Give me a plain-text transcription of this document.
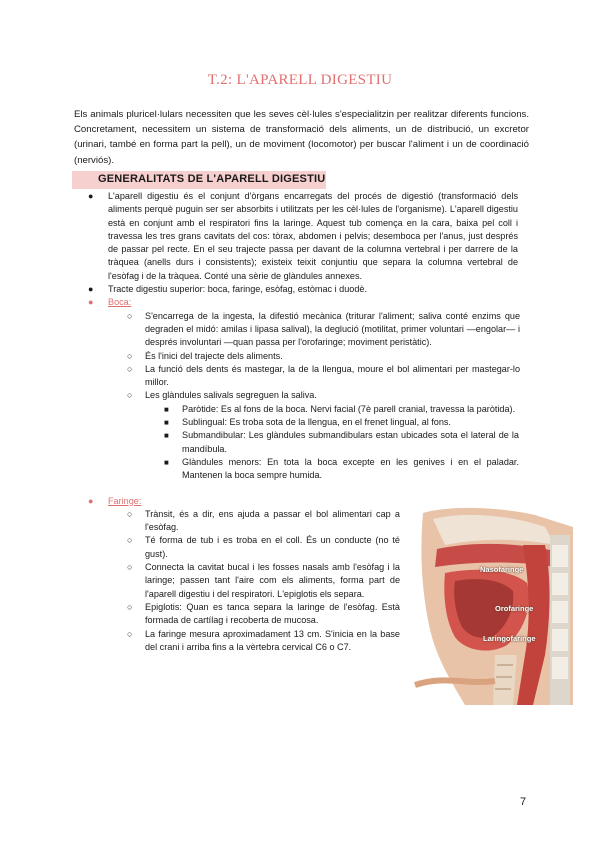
T.2: L'APARELL DIGESTIU
Els animals pluricel·lulars necessiten que les seves cèl·lules s'especialitzin per realitzar diferents funcions. Concretament, necessitem un sistema de transformació dels aliments, un de distribució, un excretor (urinari, també en forma part la pell), un de moviment (locomotor) per buscar l'aliment i un de coordinació (nerviós).
GENERALITATS DE L'APARELL DIGESTIU
● L'aparell digestiu és el conjunt d'òrgans encarregats del procés de digestió (transformació dels aliments perquè puguin ser ser absorbits i utilitzats per les cèl·lules de l'organisme). L'aparell digestiu està en conjunt amb el respiratori fins la laringe. Aquest tub comença en la cara, baixa pel coll i travessa les tres grans cavitats del cos: tòrax, abdomen i pelvis; desemboca per l'anus, just després de passar pel recte. En el seu trajecte passa per davant de la columna vertebral i per darrere de la tràquea (anells durs i consistents); existeix teixit conjuntiu que separa la columna vertebral de l'esòfag i de la tràquea. Conté una sèrie de glàndules annexes.
● Tracte digestiu superior: boca, faringe, esòfag, estòmac i duodè.
● Boca:
○ S'encarrega de la ingesta, la difestió mecànica (triturar l'aliment; saliva conté enzims que degraden el midó: amilas i lipasa salival), la deglució (motilitat, primer voluntari —engolar— i després involuntari —quan passa per l'orofaringe; moviment peristàtic).
○ És l'inici del trajecte dels aliments.
○ La funció dels dents és mastegar, la de la llengua, moure el bol alimentari per mastegar-lo millor.
○ Les glàndules salivals segreguen la saliva.
■ Paròtide: Es al fons de la boca. Nervi facial (7è parell cranial, travessa la paròtida).
■ Sublingual: Es troba sota de la llengua, en el frenet lingual, al fons.
■ Submandibular: Les glàndules submandibulars estan ubicades sota el lateral de la mandíbula.
■ Glàndules menors: En tota la boca excepte en les genives i en el paladar. Mantenen la boca sempre humida.
● Faringe:
○ Trànsit, és a dir, ens ajuda a passar el bol alimentari cap a l'esòfag.
○ Té forma de tub i es troba en el coll. És un conducte (no té gust).
○ Connecta la cavitat bucal i les fosses nasals amb l'esòfag i la laringe; passen tant l'aire com els aliments, forma part de l'aparell digestiu i del respiratori. L'epiglotis els separa.
○ Epiglotis: Quan es tanca separa la laringe de l'esòfag. Està formada de cartílag i recoberta de mucosa.
○ La faringe mesura aproximadament 13 cm. S'inicia en la base del crani i arriba fins a la vèrtebra cervical C6 o C7.
Nasofaringe
Orofaringe
Laringofaringe
7
